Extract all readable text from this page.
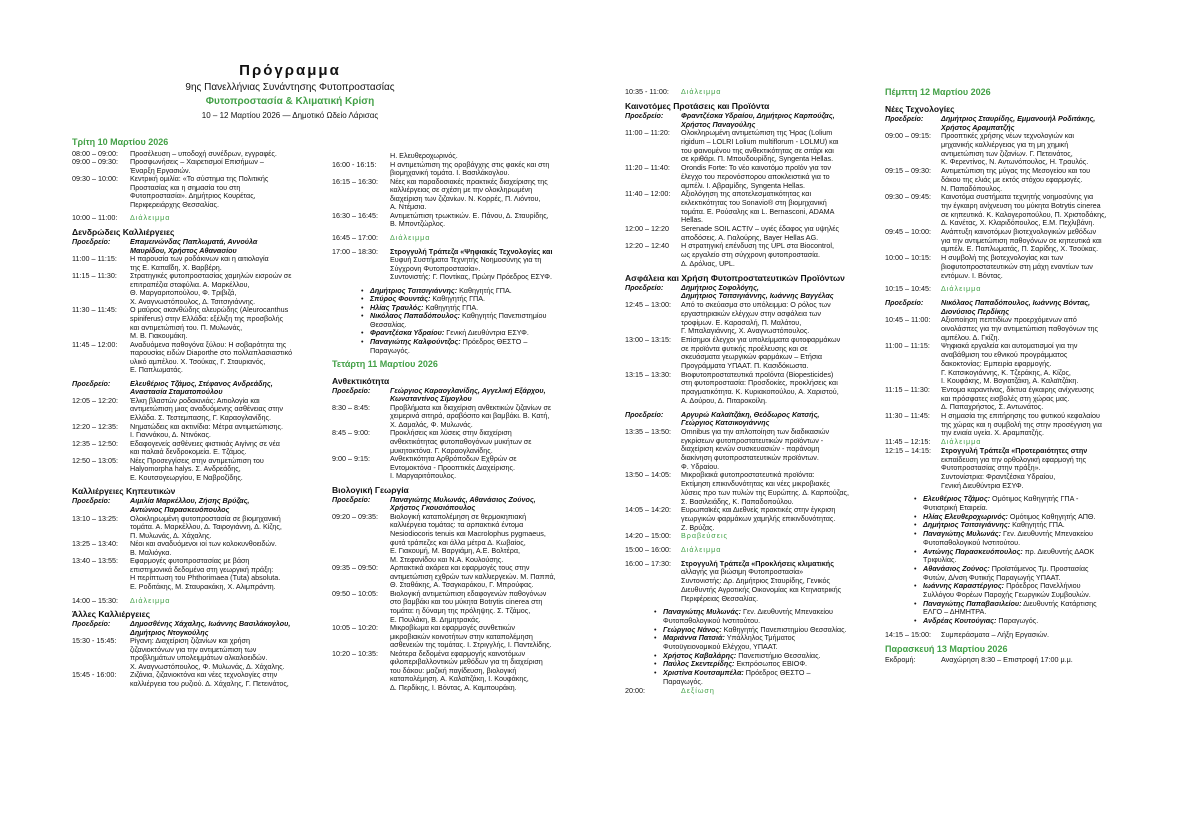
Πρόγραμμα
9ης Πανελλήνιας Συνάντησης Φυτοπροστασίας
Φυτοπροστασία & Κλιματική Κρίση
10 – 12 Μαρτίου 2026 — Δημοτικό Ωδείο Λάρισας
Τρίτη 10 Μαρτίου 2026
08:00 – 09:00: Προσέλευση – υποδοχή συνέδρων, εγγραφές.
09:00 – 09:30: Προσφωνήσεις – Χαιρετισμοί Επισήμων –
Έναρξη Εργασιών.
09:30 – 10:00: Κεντρική ομιλία: «Το σύστημα της Πολιτικής
Προστασίας και η σημασία του στη
Φυτοπροστασία». Δημήτριος Κουρέτας,
Περιφερειάρχης Θεσσαλίας.
10:00 – 11:00: Διάλειμμα
Δενδρώδεις Καλλιέργειες
Προεδρείο:	Επαμεινώνδας Παπλωματά, Αννούλα
Μαυρίδου, Χρήστος Αθανασίου
11:00 – 11:15: Η παρουσία των ροδάκινων και η αιτιολογία
της Ε. Καπαΐδη, Χ. Βαρβέρη.
11:15 – 11:30: Στρατηγικές φυτοπροστασίας χαμηλών εισροών σε
επιτραπέζια σταφύλια. Α. Μαρκέλλου,
Θ. Μαργαριτοπούλου, Φ. Τριβιζά,
Χ. Αναγνωστόπουλος, Δ. Τσιτσιγιάννης.
11:30 – 11:45: Ο μαύρος ακανθώδης αλευρώδης (Aleurocanthus
spiniferus) στην Ελλάδα: εξέλιξη της προσβολής
και αντιμετώπισή του. Π. Μυλωνάς,
Μ. Β. Γιακουμάκη.
11:45 – 12:00: Αναδυόμενα παθογόνα ξύλου: Η σοβαρότητα της
παρουσίας ειδών Diaporthe στο πολλαπλασιαστικό
υλικό αμπέλου. Χ. Τσούκας, Γ. Σταυριανός,
Ε. Παπλωματάς.
Προεδρείο:	Ελευθέριος Τζάμος, Στέφανος Ανδρεάδης,
Αναστασία Σταματοπούλου
12:05 – 12:20: Έλκη βλαστών ροδακινιάς: Αιτιολογία και
αντιμετώπιση μιας αναδυόμενης ασθένειας στην
Ελλάδα. Σ. Τεστεμπασης, Γ. Καραογλανίδης.
12:20 – 12:35: Νηματώδεις και ακτινίδια: Μέτρα αντιμετώπισης.
Ι. Γιαννάκου, Δ. Ντινόκας.
12:35 – 12:50: Εδαφογενείς ασθένειες φιστικιάς Αιγίνης σε νέα
και παλαιά δενδροκομεία. Ε. Τζάμος.
12:50 – 13:05: Νέες Προσεγγίσεις στην αντιμετώπιση του
Halyomorpha halys. Σ. Ανδρεάδης,
Ε. Κουτσογεωργίου, Ε Ναβροζίδης.
Καλλιέργειες Κηπευτικών
Προεδρείο:	Αιμιλία Μαρκέλλου, Ζήσης Βρύζας,
Αντώνιος Παρασκευόπουλος
13:10 – 13:25: Ολοκληρωμένη φυτοπροστασία σε βιομηχανική
τομάτα. Α. Μαρκέλλου, Δ. Ταιρογιάννη, Δ. Κίζης,
Π. Μυλωνάς, Δ. Χάχαλης.
13:25 – 13:40: Νέοι και αναδυόμενοι ιοί των κολοκυνθοειδών.
Β. Μαλιόγκα.
13:40 – 13:55: Εφαρμογές φυτοπροστασίας με βάση
επιστημονικά δεδομένα στη γεωργική πράξη:
Η περίπτωση του Phthorimaea (Tuta) absoluta.
Ε. Ροδιτάκης, Μ. Σταυρακάκη, Χ. Αλιμπράντη.
14:00 – 15:30: Διάλειμμα
Άλλες Καλλιέργειες
Προεδρείο:	Δημοσθένης Χάχαλης, Ιωάννης Βασιλάκογλου,
Δημήτριος Ντογκούλης
15:30 - 15:45: Ρίγανη: Διαχείριση ζιζανίων και χρήση
ζιζανιοκτόνων για την αντιμετώπιση των
προβλημάτων υπολειμμάτων αλκαλοειδών.
Χ. Αναγνωστόπουλος, Φ. Μυλωνάς, Δ. Χάχαλης.
15:45 - 16:00: Ζιζάνια, ζιζανιοκτόνα και νέες τεχνολογίες στην
καλλιέργεια του ρυζιού. Δ. Χάχαλης, Γ. Πετεινάτος,
Η. Ελευθεροχωρινός.
16:00 - 16:15: Η αντιμετώπιση της οροβάγχης στις φακές και στη
βιομηχανική τομάτα. Ι. Βασιλάκογλου.
16:15 – 16:30: Νέες και παραδοσιακές πρακτικές διαχείρισης της
καλλιέργειας σε σχέση με την ολοκληρωμένη
διαχείριση των ζιζανίων. Ν. Κορρές, Π. Λιόντου,
Α. Ντέμσια.
16:30 – 16:45: Αντιμετώπιση τρωκτικών. Ε. Πάνου, Δ. Σταυρίδης,
Β. Μποντζώρλος.
16:45 – 17:00: Διάλειμμα
17:00 – 18:30: Στρογγυλή Τράπεζα «Ψηφιακές Τεχνολογίες και
Ευφυή Συστήματα Τεχνητής Νοημοσύνης για τη
Σύγχρονη Φυτοπροστασία».
Συντονιστής: Γ. Ποντίκας, Πρώην Πρόεδρος ΕΣΥΦ.
• Δημήτριος Τσιτσιγιάννης: Καθηγητής ΓΠΑ.
• Σπύρος Φουντάς: Καθηγητής ΓΠΑ.
• Ηλίας Τραυλός: Καθηγητής ΓΠΑ.
• Νικόλαος Παπαδόπουλος: Καθηγητής Πανεπιστημίου
Θεσσαλίας.
• Φραντζέσκα Υδραίου: Γενική Διευθύντρια ΕΣΥΦ.
• Παναγιώτης Καλφούντζος: Πρόεδρος ΘΕΣΤΟ –
Παραγωγός.
Τετάρτη 11 Μαρτίου 2026
Ανθεκτικότητα
Προεδρείο:	Γεώργιος Καραογλανίδης, Αγγελική Εξάρχου,
Κωνσταντίνος Σίμογλου
8:30 – 8:45:	Προβλήματα και διαχείριση ανθεκτικών ζιζανίων σε
χειμερινά σιτηρά, αραβόσιτο και βαμβάκι. Β. Κατή,
Χ. Δαμαλάς, Φ. Μυλωνάς.
8:45 – 9:00:	Προκλήσεις και λύσεις στην διαχείριση
ανθεκτικότητας φυτοπαθογόνων μυκήτων σε
μυκητοκτόνα. Γ. Καραογλανίδης.
9:00 – 9:15:	Ανθεκτικότητα Αρθρόποδων Εχθρών σε
Εντομοκτόνα - Προοπτικές Διαχείρισης.
Ι. Μαργαριτόπουλος.
Βιολογική Γεωργία
Προεδρείο:	Παναγιώτης Μυλωνάς, Αθανάσιος Ζούνος,
Χρήστος Γκουσιόπουλος
09:20 – 09:35: Βιολογική καταπολέμηση σε θερμοκηπιακή
καλλιέργεια τομάτας: τα αρπακτικά έντομα
Nesiodiocoris tenuis και Macrolophus pygmaeus,
φυτά τράπεζες και άλλα μέτρα Δ. Κωβαίος,
Ε. Γιακουμή, Μ. Βαργιάμη, Α.Ε. Βολτέρα,
Μ. Στεφανίδου και Ν.Α. Κουλούσης.
09:35 – 09:50: Αρπακτικά ακάρεα και εφαρμογές τους στην
αντιμετώπιση εχθρών των καλλιεργειών. Μ. Παππά,
Θ. Σταθάκης, Α. Τσαγκαράκου, Γ. Μπρούφας.
09:50 – 10:05: Βιολογική αντιμετώπιση εδαφογενών παθογόνων
στο βαμβάκι και του μύκητα Botrytis cinerea στη
τομάτα: η δύναμη της πρόληψης. Σ. Τζάμος,
Ε. Πουλάκη, Β. Δημητρακάς.
10:05 – 10:20: Μικροβίωμα και εφαρμογές συνθετικών
μικροβιακών κοινοτήτων στην καταπολέμηση
ασθενειών της τομάτας. Ι. Στριγγλής, Ι. Παντελίδης.
10:20 – 10:35: Νεότερα δεδομένα εφαρμογής καινοτόμων
φιλοπεριβαλλοντικών μεθόδων για τη διαχείριση
του δάκου: μαζική παγίδευση, βιολογική
καταπολέμηση. Α. Καλαϊτζάκη, Ι. Κουφάκης,
Δ. Περδίκης, Ι. Βόντας, Α. Καμπουράκη.
10:35 - 11:00: Διάλειμμα
Καινοτόμες Προτάσεις και Προϊόντα
Προεδρείο: Φραντζέσκα Υδραίου, Δημήτριος Καρπούζας,
Χρήστος Παναγούλης
11:00 – 11:20: Ολοκληρωμένη αντιμετώπιση της Ήρας (Lolium
rigidum – LOLRI Lolium multiflorum - LOLMU) και
του φαινομένου της ανθεκτικότητας σε σιτάρι και
σε κριθάρι. Π. Μπουδουρίδης, Syngenta Hellas.
11:20 – 11:40: Orondis Forte: Το νέο καινοτόμο προϊόν για τον
έλεγχο του περονόσπορου αποκλειστικά για το
αμπέλι. Ι. Αβραμίδης, Syngenta Hellas.
11:40 – 12:00: Αξιολόγηση της αποτελεσματικότητας και
εκλεκτικότητας του Sonavio® στη βιομηχανική
τομάτα. Ε. Ρούσαλης και L. Bernasconi, ADAMA
Hellas.
12:00 – 12:20 Serenade SOIL ACTIV – υγιές έδαφος για υψηλές
αποδόσεις. Α. Γιαλούρης, Bayer Hellas AG.
12:20 – 12:40 Η στρατηγική επένδυση της UPL στα Biocontrol,
ως εργαλείο στη σύγχρονη φυτοπροστασία.
Δ. Δρόλιας, UPL.
Ασφάλεια και Χρήση Φυτοπροστατευτικών Προϊόντων
Προεδρείο: Δημήτριος Σοφολόγης,
Δημήτριος Τσιτσιγιάννης, Ιωάννης Βαγγέλας
12:45 – 13:00: Από το σκεύασμα στο υπόλειμμα: Ο ρόλος των
εργαστηριακών ελέγχων στην ασφάλεια των
τροφίμων. Ε. Καρασαλή, Π. Μαλάτου,
Γ. Μπαλαγιάννης, Χ. Αναγνωστόπουλος.
13:00 – 13:15: Επίσημοι έλεγχοι για υπολείμματα φυτοφαρμάκων
σε προϊόντα φυτικής προέλευσης και σε
σκευάσματα γεωργικών φαρμάκων – Ετήσια
Προγράμματα ΥΠΑΑΤ. Π. Κασιδόκωστα.
13:15 – 13:30: Βιοφυτοπροστατευτικά προϊόντα (Biopesticides)
στη φυτοπροστασία: Προσδοκίες, προκλήσεις και
πραγματικότητα. Κ. Κυριακοπούλου, Α. Χαριστού,
Α. Δούρου, Δ. Πιταροκοίλη.
Προεδρείο: Αργυρώ Καλαϊτζάκη, Θεόδωρος Κατσής,
Γεώργιος Κατσικογιάννης
13:35 – 13:50: Omnibus για την απλοποίηση των διαδικασιών
εγκρίσεων φυτοπροστατευτικών προϊόντων -
διαχείριση κενών συσκευασιών - παράνομη
διακίνηση φυτοπροστατευτικών προϊόντων.
Φ. Υδραίου.
13:50 – 14:05: Μικροβιακά φυτοπροστατευτικά προϊόντα:
Εκτίμηση επικινδυνότητας και νέες μικροβιακές
λύσεις προ των πυλών της Ευρώπης. Δ. Καρπούζας,
Σ. Βασιλειάδης, Κ. Παπαδοπούλου.
14:05 – 14:20: Ευρωπαϊκές και Διεθνείς πρακτικές στην έγκριση
γεωργικών φαρμάκων χαμηλής επικινδυνότητας.
Ζ. Βρύζας.
14:20 – 15:00: Βραβεύσεις
15:00 – 16:00: Διάλειμμα
16:00 – 17:30: Στρογγυλή Τράπεζα «Προκλήσεις κλιματικής
αλλαγής για βιώσιμη Φυτοπροστασία»
Συντονιστής: Δρ. Δημήτριος Σταυρίδης, Γενικός
Διευθυντής Αγροτικής Οικονομίας και Κτηνιατρικής
Περιφέρειας Θεσσαλίας.
• Παναγιώτης Μυλωνάς: Γεν. Διευθυντής Μπενακείου
Φυτοπαθολογικού Ινστιτούτου.
• Γεώργιος Νάνος: Καθηγητής Πανεπιστημίου Θεσσαλίας.
• Μαριάννα Πατσιά: Υπάλληλος Τμήματος
Φυτοϋγειονομικού Ελέγχου, ΥΠΑΑΤ.
• Χρήστος Καβαλάρης: Πανεπιστήμιο Θεσσαλίας.
• Παύλος Σκεντερίδης: Εκπρόσωπος ΕΒΙΟΦ.
• Χριστίνα Κουτσαμπέλα: Πρόεδρος ΘΕΣΤΟ –
Παραγωγός.
20:00:	Δεξίωση
Πέμπτη 12 Μαρτίου 2026
Νέες Τεχνολογίες
Προεδρείο: Δημήτριος Σταυρίδης, Εμμανουήλ Ροδιτάκης,
Χρήστος Αραμπατζής
09:00 – 09:15: Προοπτικές χρήσης νέων τεχνολογιών και
μηχανικής καλλιέργειας για τη μη χημική
αντιμετώπιση των ζιζανίων. Γ. Πετεινάτος,
Κ. Φερεντίνος, Ν. Αντωνόπουλος, Η. Τραυλός.
09:15 – 09:30: Αντιμετώπιση της μύγας της Μεσογείου και του
δάκου της ελιάς με εκτός στόχου εφαρμογές.
Ν. Παπαδόπουλος.
09:30 – 09:45: Καινοτόμα συστήματα τεχνητής νοημοσύνης για
την έγκαιρη ανίχνευση του μύκητα Botrytis cinerea
σε κηπευτικά. Κ. Καλογεροπούλου, Π. Χριστοδάκης,
Δ. Κανέτας, Χ. Κλαριδόπουλος, Ε.Μ. Πεχλιβάνη.
09:45 – 10:00: Ανάπτυξη καινοτόμων βιοτεχνολογικών μεθόδων
για την αντιμετώπιση παθογόνων σε κηπευτικά και
αμπέλι. Ε. Παπλωματάς, Π. Σαρίδης, Χ. Τσούκας.
10:00 – 10:15: Η συμβολή της βιοτεχνολογίας και των
βιοφυτοπροστατευτικών στη μάχη εναντίων των
εντόμων. Ι. Βόντας.
10:15 – 10:45: Διάλειμμα
Προεδρείο: Νικόλαος Παπαδόπουλος, Ιωάννης Βόντας,
Διονύσιος Περδίκης
10:45 – 11:00: Αξιοποίηση πεπτιδίων προερχόμενων από
οινολάσπες για την αντιμετώπιση παθογόνων της
αμπέλου. Δ. Γκίζη.
11:00 – 11:15: Ψηφιακά εργαλεία και αυτοματισμοί για την
αναβάθμιση του εθνικού προγράμματος
δακοκτονίας: Εμπειρία εφαρμογής.
Γ. Κατσικογιάννης, Κ. Τζεράκης, Α. Κίζος,
Ι. Κουφάκης, Μ. Βογιατζάκη, Α. Καλαϊτζάκη.
11:15 – 11:30: Έντομα καραντίνας, δίκτυα έγκαιρης ανίχνευσης
και πρόσφατες εισβολές στη χώρας μας.
Δ. Παπαχρήστος, Σ. Αντωνάτος.
11:30 – 11:45: Η σημασία της επιτήρησης του φυτικού κεφαλαίου
της χώρας και η συμβολή της στην προσέγγιση για
την ενιαία υγεία. Χ. Αραμπατζής.
11:45 – 12:15: Διάλειμμα
12:15 – 14:15: Στρογγυλή Τράπεζα «Προτεραιότητες στην
εκπαίδευση για την ορθολογική εφαρμογή της
Φυτοπροστασίας στην πράξη».
Συντονίστρια: Φραντζέσκα Υδραίου,
Γενική Διευθύντρια ΕΣΥΦ.
• Ελευθέριος Τζάμος: Ομότιμος Καθηγητής ΓΠΑ -
Φυτιατρική Εταιρεία.
• Ηλίας Ελευθεροχωρινός: Ομότιμος Καθηγητής ΑΠΘ.
• Δημήτριος Τσιτσιγιάννης: Καθηγητής ΓΠΑ.
• Παναγιώτης Μυλωνάς: Γεν. Διευθυντής Μπενακείου
Φυτοπαθολογικού Ινστιτούτου.
• Αντώνης Παρασκευόπουλος: πρ. Διευθυντής ΔΑΟΚ
Τριφυλίας.
• Αθανάσιος Ζούνος: Προϊστάμενος Τμ. Προστασίας
Φυτών, Δ/νση Φυτικής Παραγωγής ΥΠΑΑΤ.
• Ιωάννης Καραστέργιος: Πρόεδρος Πανελλήνιου
Συλλόγου Φορέων Παροχής Γεωργικών Συμβουλών.
• Παναγιώτης Παπαβασιλείου: Διευθυντής Κατάρτισης
ΕΛΓΟ – ΔΗΜΗΤΡΑ.
• Ανδρέας Κουτούγιας: Παραγωγός.
14:15 – 15:00: Συμπεράσματα – Λήξη Εργασιών.
Παρασκευή 13 Μαρτίου 2026
Εκδρομή:	Αναχώρηση 8:30 – Επιστροφή 17:00 μ.μ.
